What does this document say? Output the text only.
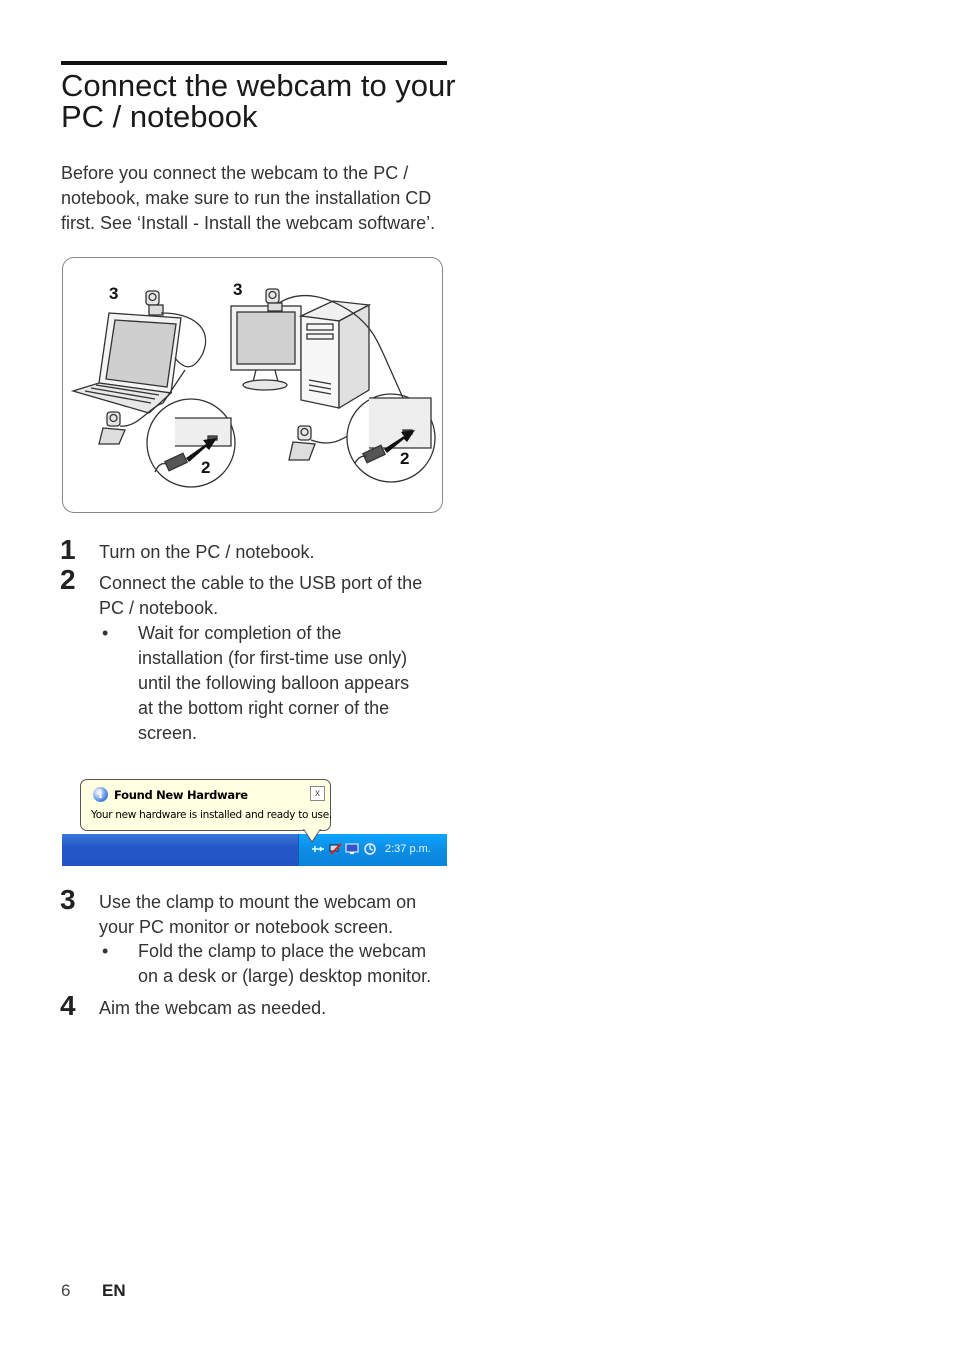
Connect the webcam to your
PC / notebook
Before you connect the webcam to the PC /
notebook, make sure to run the installation CD
first. See ‘Install - Install the webcam software’.
3	3
2	2
1 Turn on the PC / notebook.
2 Connect the cable to the USB port of the
PC / notebook.
• Wait for completion of the
installation (for first-time use only)
until the following balloon appears
at the bottom right corner of the
screen.
2:37 p.m.
i Found New Hardware	x
Your new hardware is installed and ready to use.
3 Use the clamp to mount the webcam on
your PC monitor or notebook screen.
• Fold the clamp to place the webcam
on a desk or (large) desktop monitor.
4 Aim the webcam as needed.
6 EN
